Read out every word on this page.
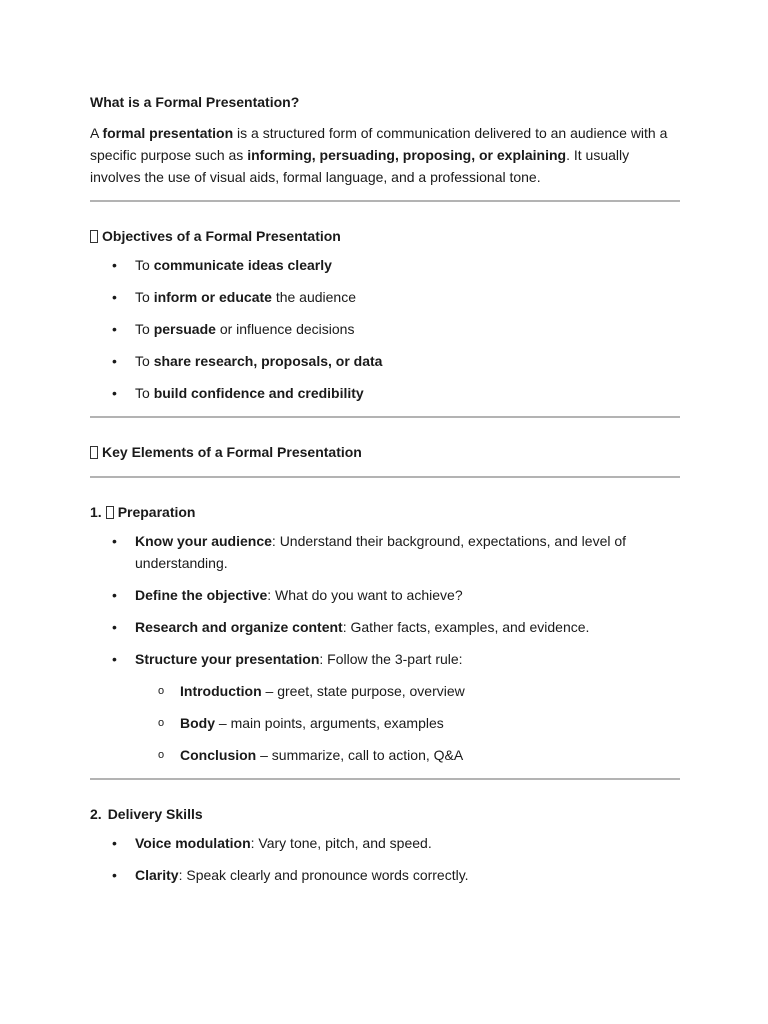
What is a Formal Presentation?

A formal presentation is a structured form of communication delivered to an audience with a specific purpose such as informing, persuading, proposing, or explaining. It usually involves the use of visual aids, formal language, and a professional tone.

Objectives of a Formal Presentation
• To communicate ideas clearly
• To inform or educate the audience
• To persuade or influence decisions
• To share research, proposals, or data
• To build confidence and credibility
Key Elements of a Formal Presentation
1. Preparation
• Know your audience: Understand their background, expectations, and level of understanding.
• Define the objective: What do you want to achieve?
• Research and organize content: Gather facts, examples, and evidence.
• Structure your presentation: Follow the 3-part rule:
o Introduction – greet, state purpose, overview
o Body – main points, arguments, examples
o Conclusion – summarize, call to action, Q&A
2. Delivery Skills
• Voice modulation: Vary tone, pitch, and speed.
• Clarity: Speak clearly and pronounce words correctly.
